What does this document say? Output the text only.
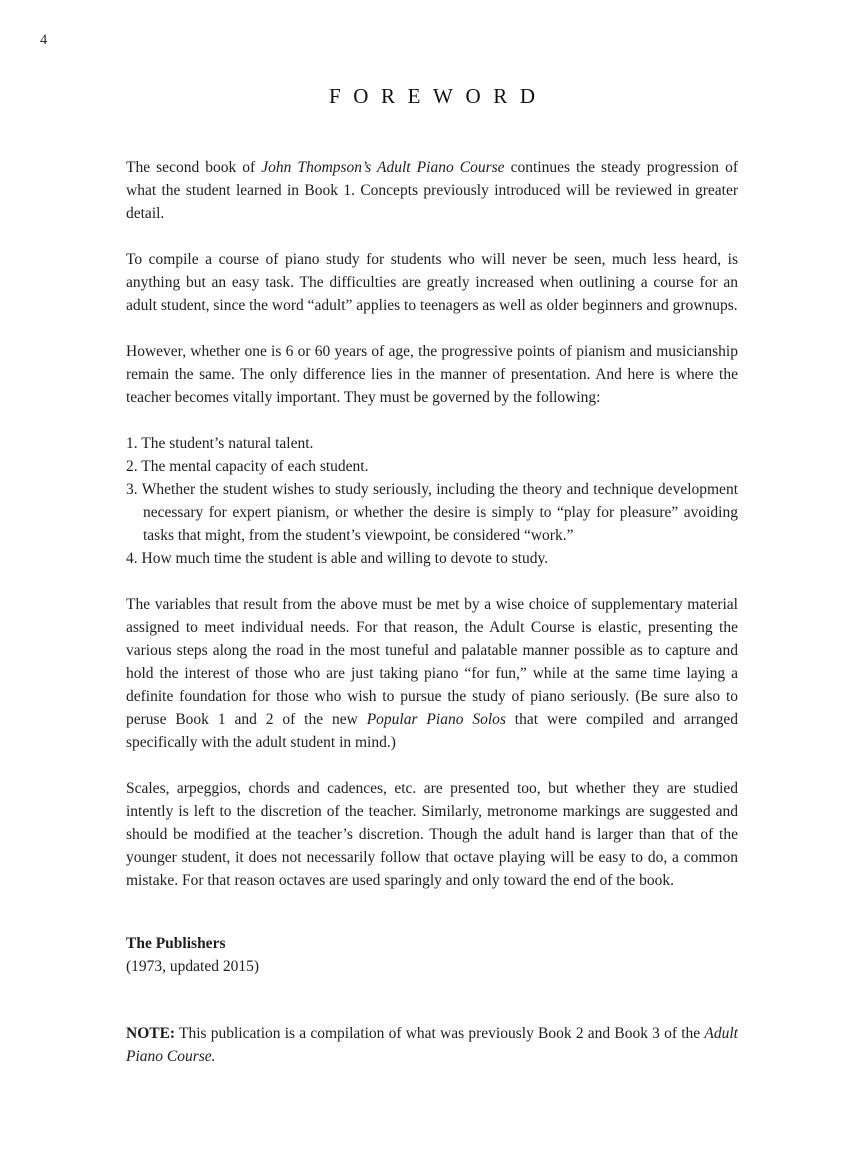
4
FOREWORD

The second book of John Thompson’s Adult Piano Course continues the steady progression of what the student learned in Book 1. Concepts previously introduced will be reviewed in greater detail.

To compile a course of piano study for students who will never be seen, much less heard, is anything but an easy task. The difficulties are greatly increased when outlining a course for an adult student, since the word “adult” applies to teenagers as well as older beginners and grownups.

However, whether one is 6 or 60 years of age, the progressive points of pianism and musicianship remain the same. The only difference lies in the manner of presentation. And here is where the teacher becomes vitally important. They must be governed by the following:

1. The student’s natural talent.
2. The mental capacity of each student.
3. Whether the student wishes to study seriously, including the theory and technique development necessary for expert pianism, or whether the desire is simply to “play for pleasure” avoiding tasks that might, from the student’s viewpoint, be considered “work.”
4. How much time the student is able and willing to devote to study.

The variables that result from the above must be met by a wise choice of supplementary material assigned to meet individual needs. For that reason, the Adult Course is elastic, presenting the various steps along the road in the most tuneful and palatable manner possible as to capture and hold the interest of those who are just taking piano “for fun,” while at the same time laying a definite foundation for those who wish to pursue the study of piano seriously. (Be sure also to peruse Book 1 and 2 of the new Popular Piano Solos that were compiled and arranged specifically with the adult student in mind.)

Scales, arpeggios, chords and cadences, etc. are presented too, but whether they are studied intently is left to the discretion of the teacher. Similarly, metronome markings are suggested and should be modified at the teacher’s discretion. Though the adult hand is larger than that of the younger student, it does not necessarily follow that octave playing will be easy to do, a common mistake. For that reason octaves are used sparingly and only toward the end of the book.

The Publishers
(1973, updated 2015)

NOTE: This publication is a compilation of what was previously Book 2 and Book 3 of the Adult Piano Course.
